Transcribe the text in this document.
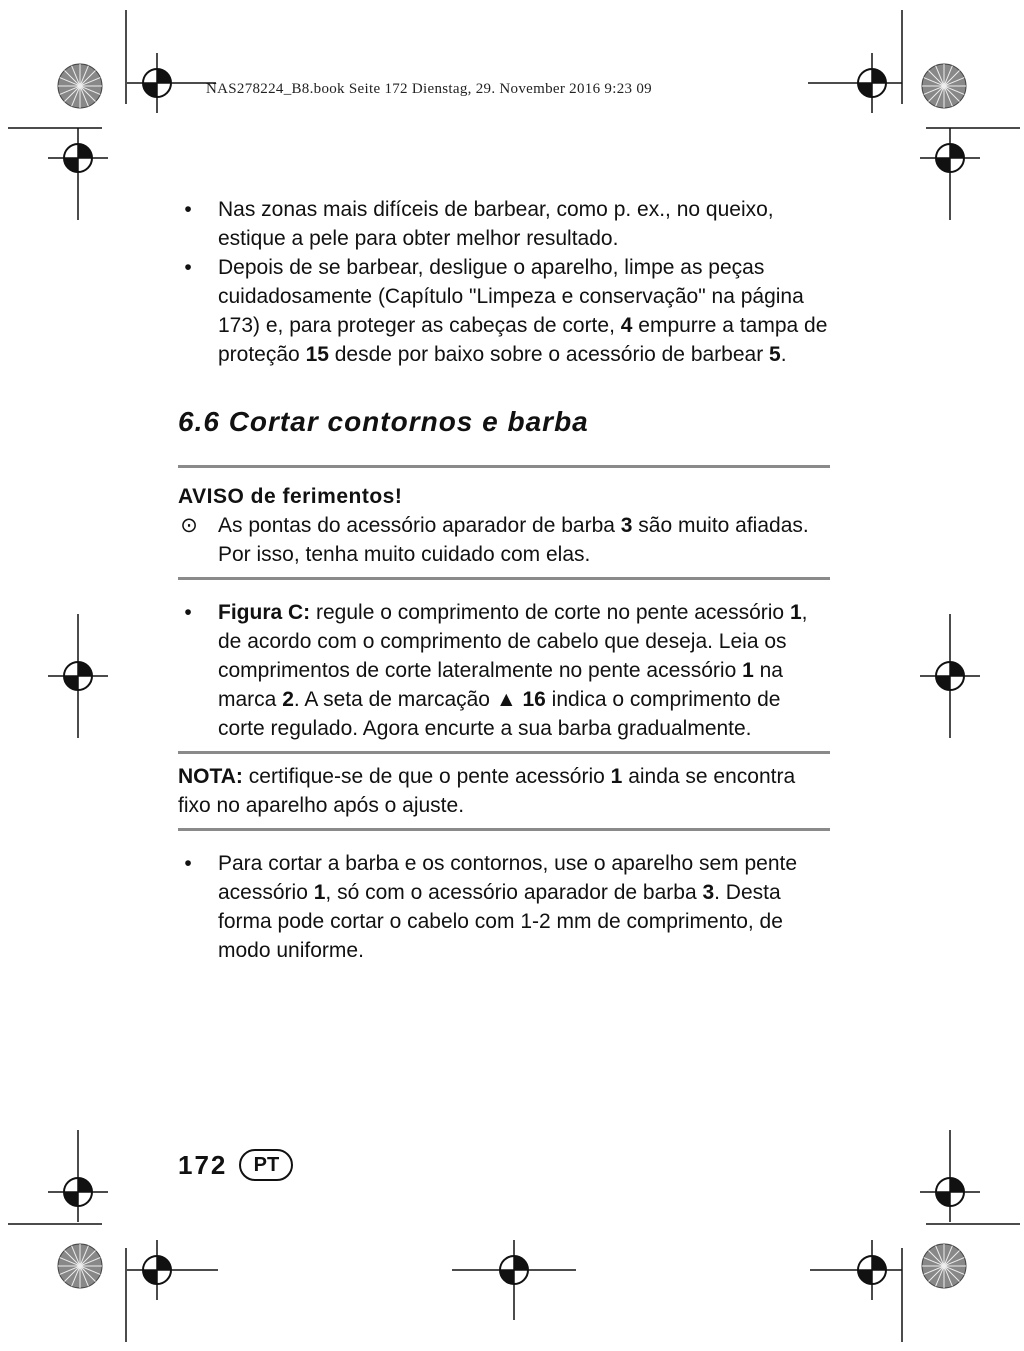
NAS278224_B8.book Seite 172 Dienstag, 29. November 2016 9:23 09
•	Nas zonas mais difíceis de barbear, como p. ex., no queixo, estique a pele para obter melhor resultado.
•	Depois de se barbear, desligue o aparelho, limpe as peças cuidadosamente (Capítulo "Limpeza e conservação" na página 173) e, para proteger as cabeças de corte, 4 empurre a tampa de proteção 15 desde por baixo sobre o acessório de barbear 5.
6.6 Cortar contornos e barba
AVISO de ferimentos!
⊙ As pontas do acessório aparador de barba 3 são muito afiadas. Por isso, tenha muito cuidado com elas.
•	Figura C: regule o comprimento de corte no pente acessório 1, de acordo com o comprimento de cabelo que deseja. Leia os comprimentos de corte lateralmente no pente acessório 1 na marca 2. A seta de marcação ▲ 16 indica o comprimento de corte regulado. Agora encurte a sua barba gradualmente.
NOTA: certifique-se de que o pente acessório 1 ainda se encontra fixo no aparelho após o ajuste.
•	Para cortar a barba e os contornos, use o aparelho sem pente acessório 1, só com o acessório aparador de barba 3. Desta forma pode cortar o cabelo com 1-2 mm de comprimento, de modo uniforme.
172	PT
